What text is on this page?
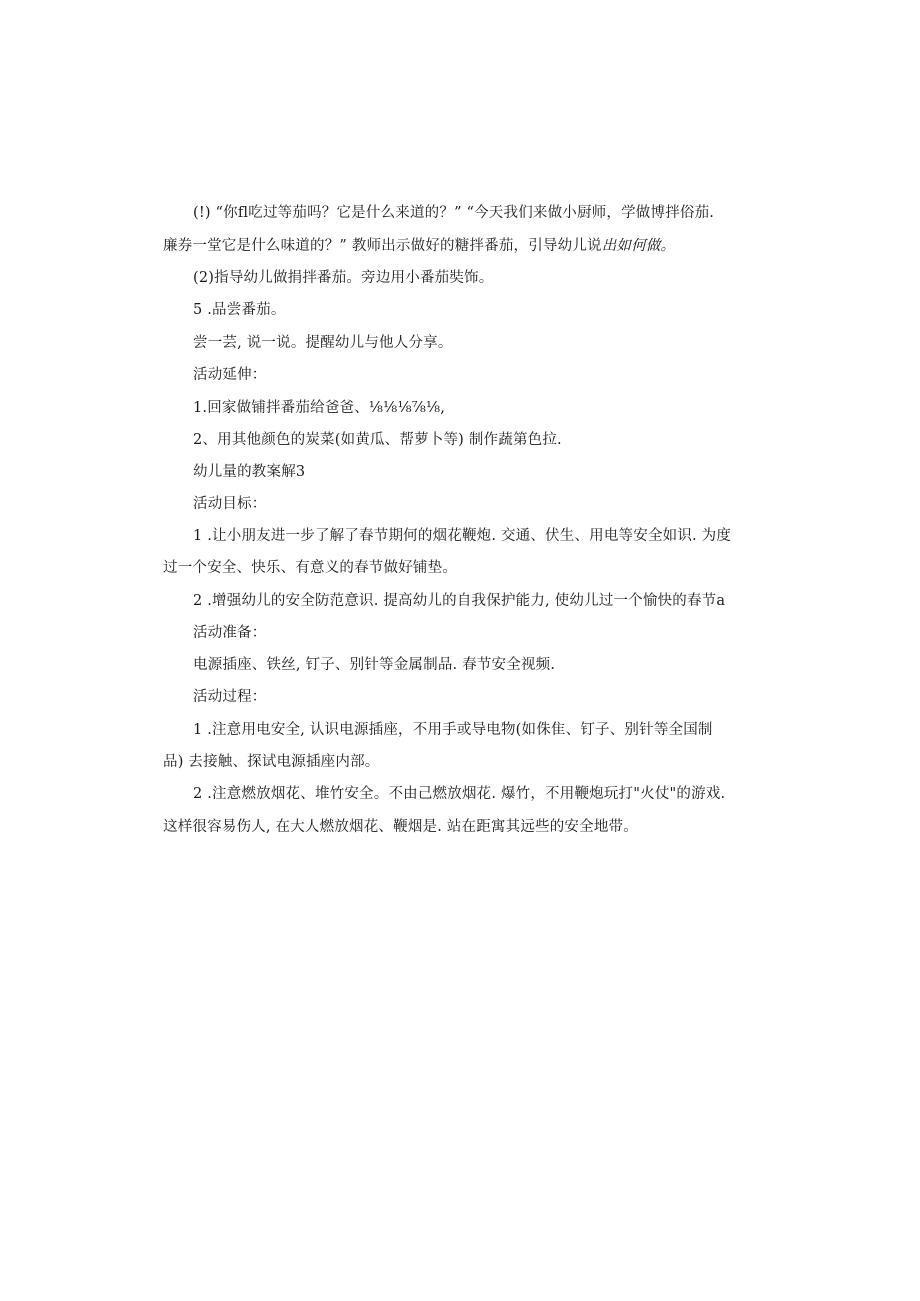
(!) “你fl吃过等茄吗？它是什么来道的？” “今天我们来做小厨师，学做博拌俗茄.
廉券一堂它是什么味道的？” 教师出示做好的糖拌番茄，引导幼儿说出如何做。
(2)指导幼儿做捐拌番茄。旁边用小番茄奘饰。
5 .品尝番茄。
尝一芸, 说一说。提醒幼儿与他人分享。
活动延伸：
1.回家做铺拌番茄给爸爸、⅛⅛⅛⅞⅛,
2、用其他颜色的炭菜(如黄瓜、帮萝卜等) 制作蔬第色拉.
幼儿量的教案解3
活动目标：
1 .让小朋友进一步了解了春节期何的烟花鞭炮. 交通、伏生、用电等安全如识. 为度
过一个安全、快乐、有意义的春节做好铺垫。
2 .增强幼儿的安全防范意识. 提高幼儿的自我保护能力, 使幼儿过一个愉快的春节a
活动准备：
电源插座、铁丝, 钉子、别针等金属制品. 春节安全视频.
活动过程：
1 .注意用电安全, 认识电源插座，不用手或导电物(如侏隹、钉子、别针等全国制
品) 去接触、探试电源插座内部。
2 .注意燃放烟花、堆竹安全。不由己燃放烟花. 爆竹，不用鞭炮玩打"火仗"的游戏.
这样很容易伤人, 在大人燃放烟花、鞭烟是. 站在距寓其远些的安全地带。
